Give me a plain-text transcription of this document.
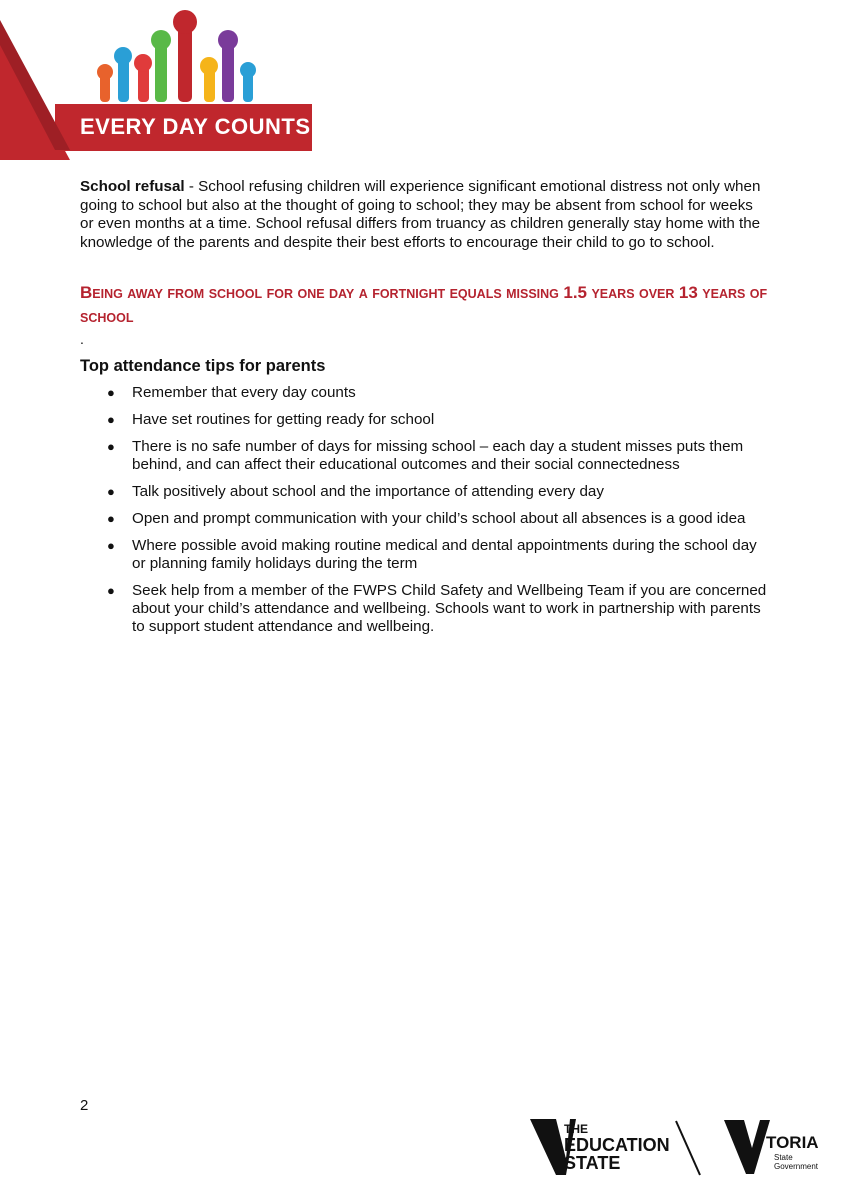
EVERY DAY COUNTS
School refusal - School refusing children will experience significant emotional distress not only when going to school but also at the thought of going to school; they may be absent from school for weeks or even months at a time. School refusal differs from truancy as children generally stay home with the knowledge of the parents and despite their best efforts to encourage their child to go to school.
BEING AWAY FROM SCHOOL FOR ONE DAY A FORTNIGHT EQUALS MISSING 1.5 YEARS OVER 13 YEARS OF SCHOOL
.
Top attendance tips for parents
● Remember that every day counts
● Have set routines for getting ready for school
● There is no safe number of days for missing school – each day a student misses puts them behind, and can affect their educational outcomes and their social connectedness
● Talk positively about school and the importance of attending every day
● Open and prompt communication with your child’s school about all absences is a good idea
● Where possible avoid making routine medical and dental appointments during the school day or planning family holidays during the term
● Seek help from a member of the FWPS Child Safety and Wellbeing Team if you are concerned about your child’s attendance and wellbeing. Schools want to work in partnership with parents to support student attendance and wellbeing.
2
THE
EDUCATION
STATE
TORIA
State
Government
